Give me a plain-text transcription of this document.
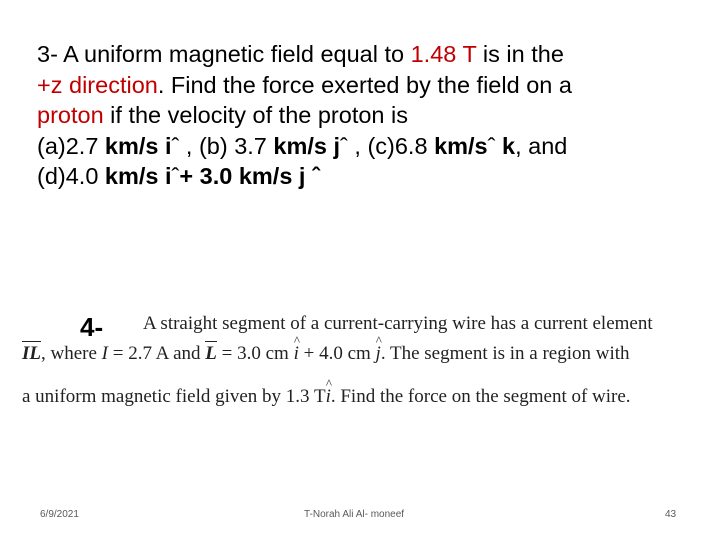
3- A uniform magnetic field equal to 1.48 T is in the
+z direction. Find the force exerted by the field on a
proton if the velocity of the proton is
(a)2.7 km/s iˆ , (b) 3.7 km/s jˆ , (c)6.8 km/sˆ k, and
(d)4.0 km/s iˆ+ 3.0 km/s j ˆ
4- A straight segment of a current-carrying wire has a current element
IL, where I = 2.7 A and L = 3.0 cm ^ i + 4.0 cm ^ j. The segment is in a region with
a uniform magnetic field given by 1.3 T^ i. Find the force on the segment of wire.
6/9/2021	T-Norah Ali Al- moneef	43
